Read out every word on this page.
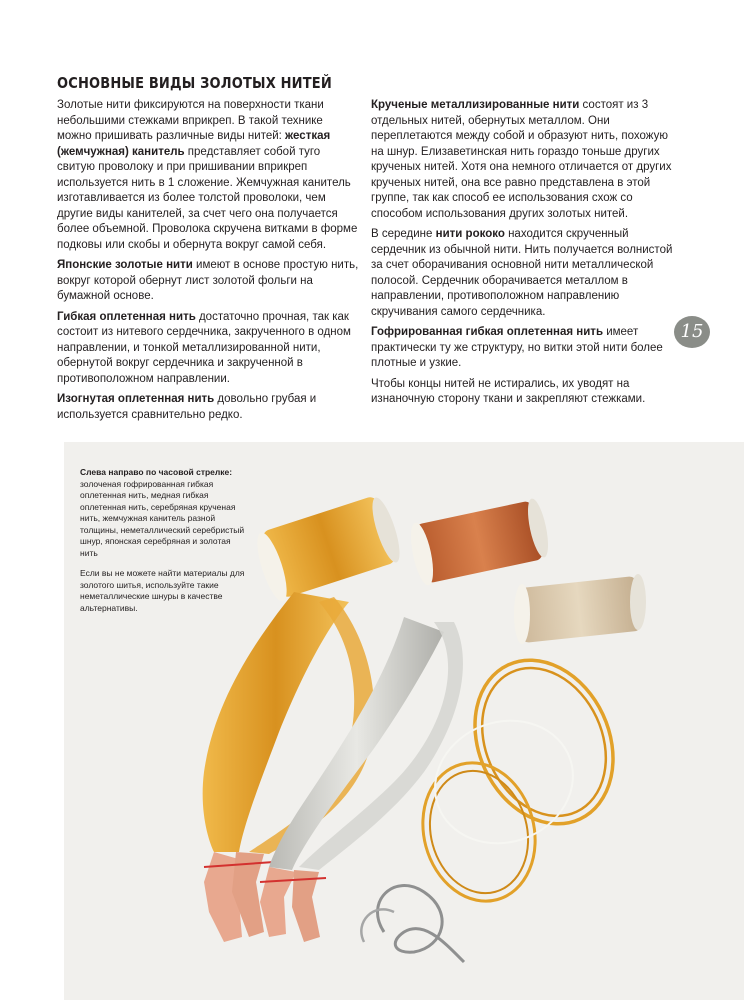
ОСНОВНЫЕ ВИДЫ ЗОЛОТЫХ НИТЕЙ

Золотые нити фиксируются на поверхности ткани небольшими стежками вприкреп. В такой технике можно пришивать различные виды нитей: жесткая (жемчужная) канитель представляет собой туго свитую проволоку и при пришивании вприкреп используется нить в 1 сложение. Жемчужная канитель изготавливается из более толстой проволоки, чем другие виды канителей, за счет чего она получается более объемной. Проволока скручена витками в форме подковы или скобы и обернута вокруг самой себя.

Японские золотые нити имеют в основе простую нить, вокруг которой обернут лист золотой фольги на бумажной основе.

Гибкая оплетенная нить достаточно прочная, так как состоит из нитевого сердечника, закрученного в одном направлении, и тонкой металлизированной нити, обернутой вокруг сердечника и закрученной в противоположном направлении.

Изогнутая оплетенная нить довольно грубая и используется сравнительно редко.

Крученые металлизированные нити состоят из 3 отдельных нитей, обернутых металлом. Они переплетаются между собой и образуют нить, похожую на шнур. Елизаветинская нить гораздо тоньше других крученых нитей. Хотя она немного отличается от других крученых нитей, она все равно представлена в этой группе, так как способ ее использования схож со способом использования других золотых нитей.

В середине нити рококо находится скрученный сердечник из обычной нити. Нить получается волнистой за счет оборачивания основной нити металлической полосой. Сердечник оборачивается металлом в направлении, противоположном направлению скручивания самого сердечника.

Гофрированная гибкая оплетенная нить имеет практически ту же структуру, но витки этой нити более плотные и узкие.

Чтобы концы нитей не истирались, их уводят на изнаночную сторону ткани и закрепляют стежками.

15

Слева направо по часовой стрелке:
золоченая гофрированная гибкая оплетенная нить, медная гибкая оплетенная нить, серебряная крученая нить, жемчужная канитель разной толщины, неметаллический серебристый шнур, японская серебряная и золотая нить

Если вы не можете найти материалы для золотого шитья, используйте такие неметаллические шнуры в качестве альтернативы.
